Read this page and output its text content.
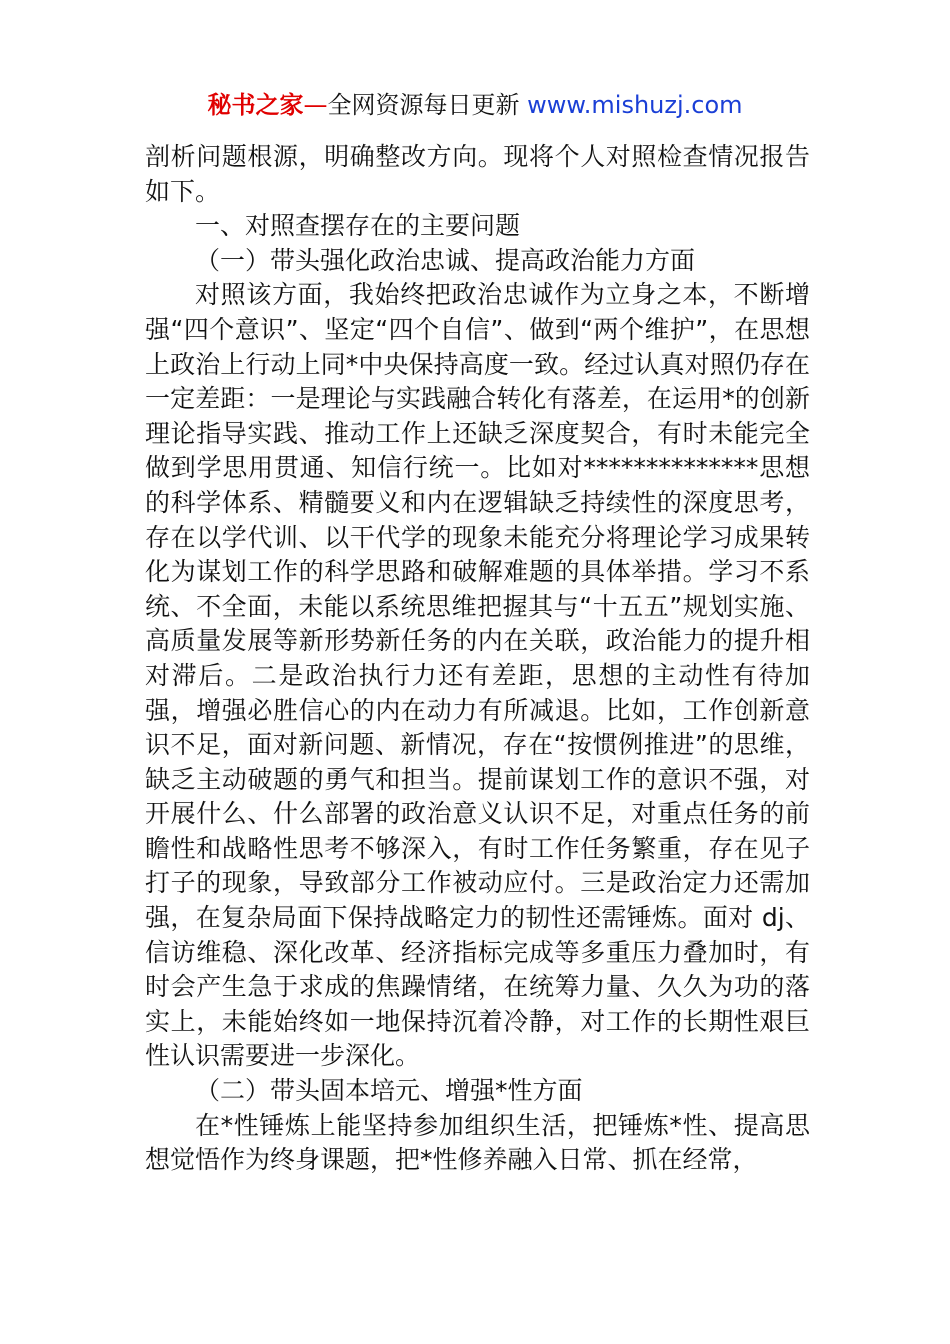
秘书之家—全网资源每日更新 www.mishuzj.com

剖析问题根源，明确整改方向。现将个人对照检查情况报告如下。

一、对照查摆存在的主要问题

（一）带头强化政治忠诚、提高政治能力方面

对照该方面，我始终把政治忠诚作为立身之本，不断增强“四个意识”、坚定“四个自信”、做到“两个维护”，在思想上政治上行动上同*中央保持高度一致。经过认真对照仍存在一定差距：一是理论与实践融合转化有落差，在运用*的创新理论指导实践、推动工作上还缺乏深度契合，有时未能完全做到学思用贯通、知信行统一。比如对**************思想的科学体系、精髓要义和内在逻辑缺乏持续性的深度思考，存在以学代训、以干代学的现象未能充分将理论学习成果转化为谋划工作的科学思路和破解难题的具体举措。学习不系统、不全面，未能以系统思维把握其与“十五五”规划实施、高质量发展等新形势新任务的内在关联，政治能力的提升相对滞后。二是政治执行力还有差距，思想的主动性有待加强，增强必胜信心的内在动力有所减退。比如，工作创新意识不足，面对新问题、新情况，存在“按惯例推进”的思维，缺乏主动破题的勇气和担当。提前谋划工作的意识不强，对开展什么、什么部署的政治意义认识不足，对重点任务的前瞻性和战略性思考不够深入，有时工作任务繁重，存在见子打子的现象，导致部分工作被动应付。三是政治定力还需加强，在复杂局面下保持战略定力的韧性还需锤炼。面对 dj、信访维稳、深化改革、经济指标完成等多重压力叠加时，有时会产生急于求成的焦躁情绪，在统筹力量、久久为功的落实上，未能始终如一地保持沉着冷静，对工作的长期性艰巨性认识需要进一步深化。

（二）带头固本培元、增强*性方面

在*性锤炼上能坚持参加组织生活，把锤炼*性、提高思想觉悟作为终身课题，把*性修养融入日常、抓在经常，
